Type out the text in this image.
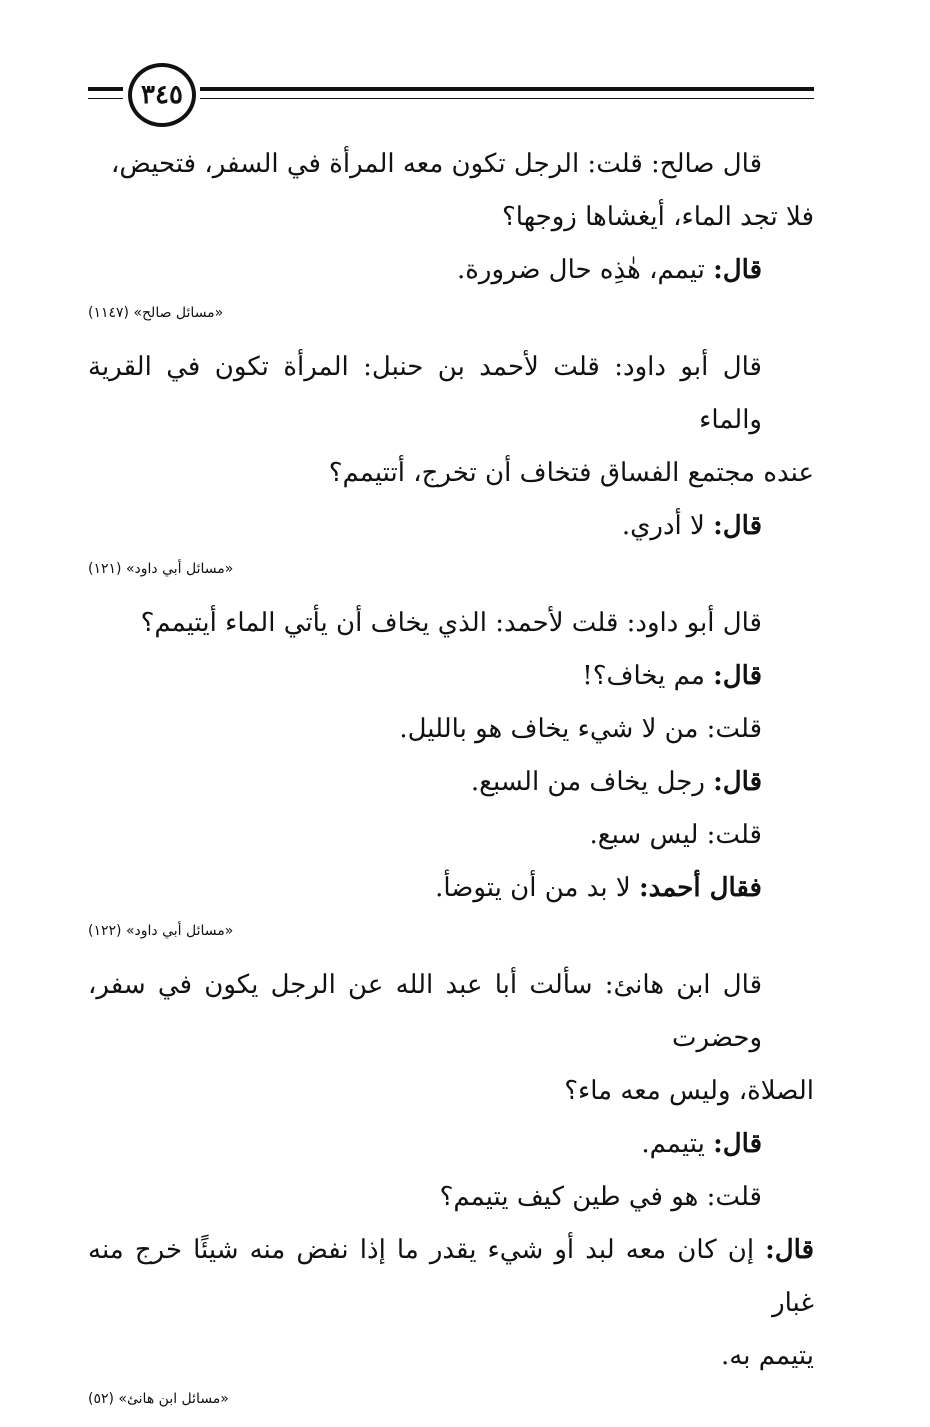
٣٤٥

قال صالح: قلت: الرجل تكون معه المرأة في السفر، فتحيض،

فلا تجد الماء، أيغشاها زوجها؟

قال: تيمم، هٰذِه حال ضرورة.

«مسائل صالح» (١١٤٧)

قال أبو داود: قلت لأحمد بن حنبل: المرأة تكون في القرية والماء

عنده مجتمع الفساق فتخاف أن تخرج، أتتيمم؟

قال: لا أدري.

«مسائل أبي داود» (١٢١)

قال أبو داود: قلت لأحمد: الذي يخاف أن يأتي الماء أيتيمم؟

قال: مم يخاف؟!

قلت: من لا شيء يخاف هو بالليل.

قال: رجل يخاف من السبع.

قلت: ليس سبع.

فقال أحمد: لا بد من أن يتوضأ.

«مسائل أبي داود» (١٢٢)

قال ابن هانئ: سألت أبا عبد الله عن الرجل يكون في سفر، وحضرت

الصلاة، وليس معه ماء؟

قال: يتيمم.

قلت: هو في طين كيف يتيمم؟

قال: إن كان معه لبد أو شيء يقدر ما إذا نفض منه شيئًا خرج منه غبار

يتيمم به.

«مسائل ابن هانئ» (٥٢)
